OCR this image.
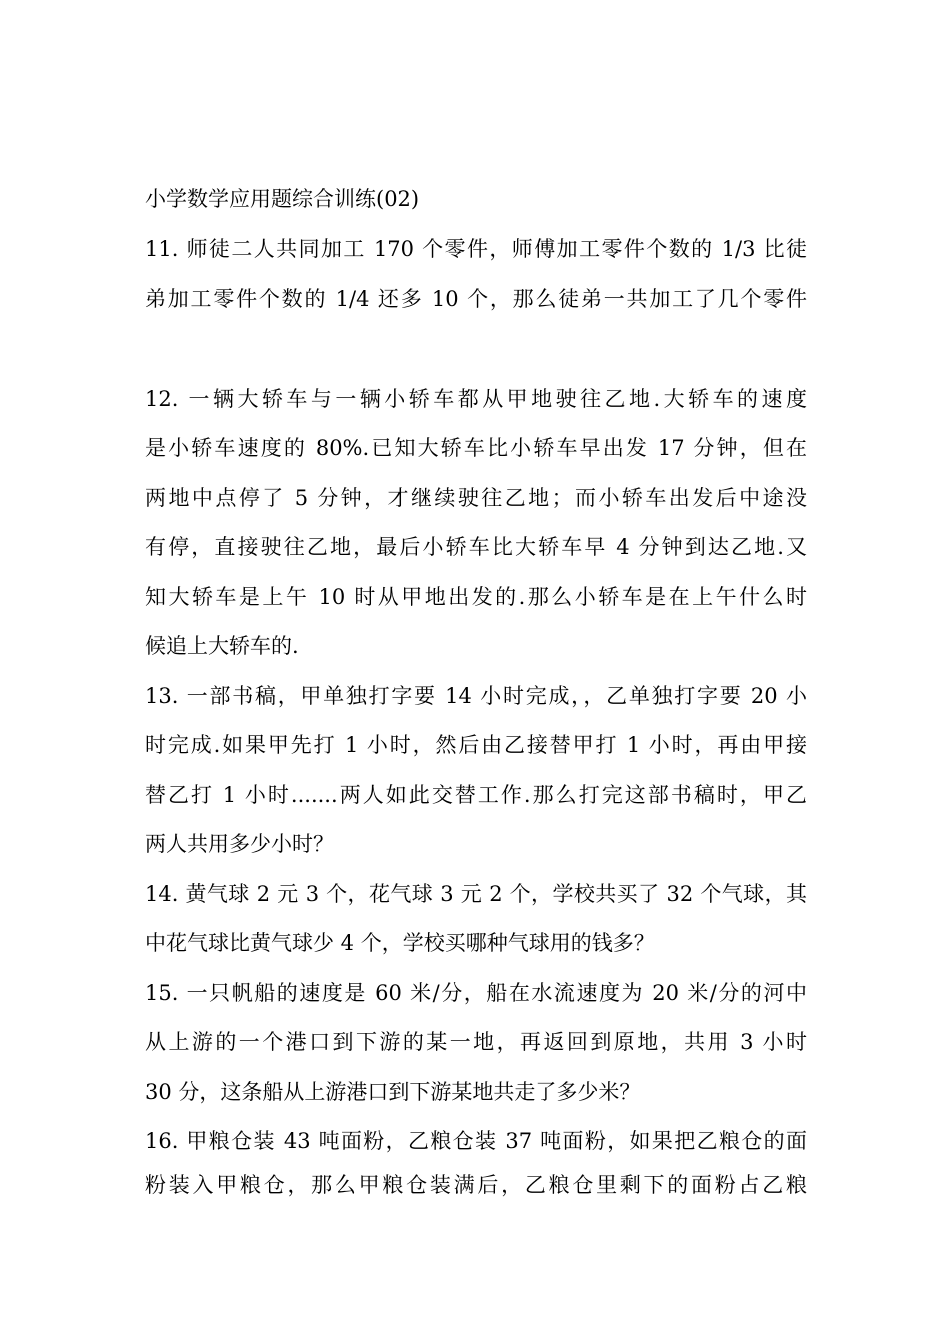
小学数学应用题综合训练(02)
11. 师徒二人共同加工 170 个零件，师傅加工零件个数的 1/3 比徒
弟加工零件个数的 1/4 还多 10 个，那么徒弟一共加工了几个零件
12. 一辆大轿车与一辆小轿车都从甲地驶往乙地.大轿车的速度
是小轿车速度的 80%.已知大轿车比小轿车早出发 17 分钟，但在
两地中点停了 5 分钟，才继续驶往乙地；而小轿车出发后中途没
有停，直接驶往乙地，最后小轿车比大轿车早 4 分钟到达乙地.又
知大轿车是上午 10 时从甲地出发的.那么小轿车是在上午什么时
候追上大轿车的.
13. 一部书稿，甲单独打字要 14 小时完成，，乙单独打字要 20 小
时完成.如果甲先打 1 小时，然后由乙接替甲打 1 小时，再由甲接
替乙打 1 小时.......两人如此交替工作.那么打完这部书稿时，甲乙
两人共用多少小时？
14. 黄气球 2 元 3 个，花气球 3 元 2 个，学校共买了 32 个气球，其
中花气球比黄气球少 4 个，学校买哪种气球用的钱多？
15. 一只帆船的速度是 60 米/分，船在水流速度为 20 米/分的河中
从上游的一个港口到下游的某一地，再返回到原地，共用 3 小时
30 分，这条船从上游港口到下游某地共走了多少米？
16. 甲粮仓装 43 吨面粉，乙粮仓装 37 吨面粉，如果把乙粮仓的面
粉装入甲粮仓，那么甲粮仓装满后，乙粮仓里剩下的面粉占乙粮
